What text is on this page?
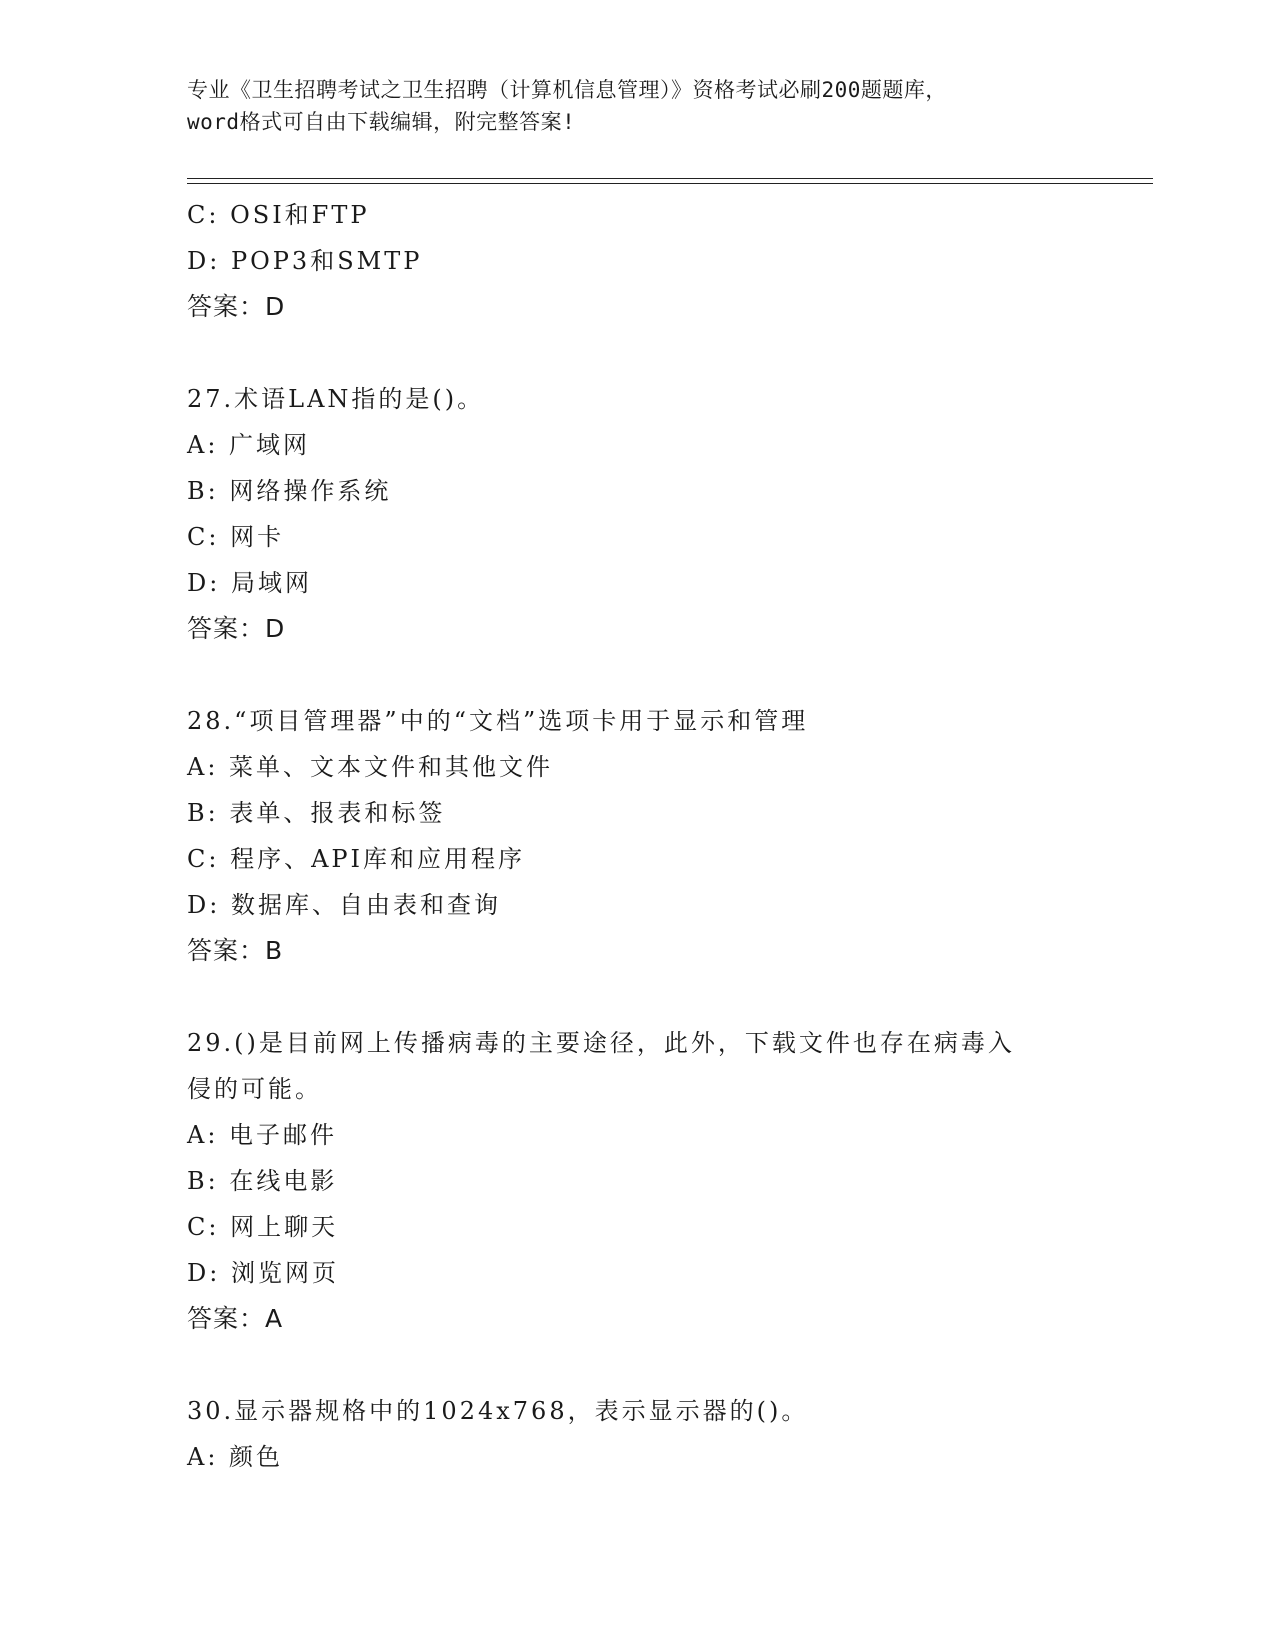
专业《卫生招聘考试之卫生招聘（计算机信息管理）》资格考试必刷200题题库，
word格式可自由下载编辑，附完整答案!
C: OSI和FTP
D: POP3和SMTP
答案：D
27.术语LAN指的是()。
A: 广域网
B: 网络操作系统
C: 网卡
D: 局域网
答案：D
28.“项目管理器”中的“文档”选项卡用于显示和管理
A: 菜单、文本文件和其他文件
B: 表单、报表和标签
C: 程序、API库和应用程序
D: 数据库、自由表和查询
答案：B
29.()是目前网上传播病毒的主要途径，此外，下载文件也存在病毒入
侵的可能。
A: 电子邮件
B: 在线电影
C: 网上聊天
D: 浏览网页
答案：A
30.显示器规格中的1024x768，表示显示器的()。
A: 颜色
